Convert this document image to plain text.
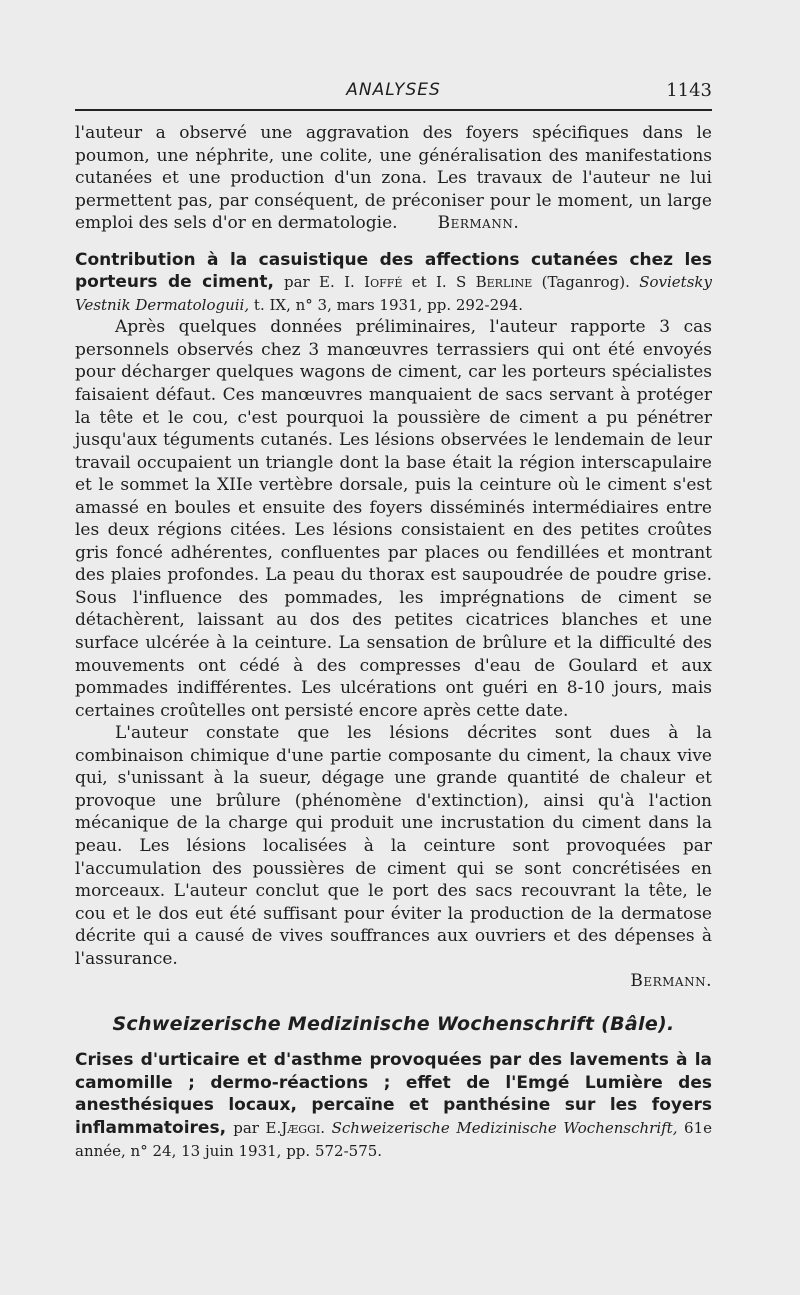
ANALYSES	1143

l'auteur a observé une aggravation des foyers spécifiques dans le poumon, une néphrite, une colite, une généralisation des manifestations cutanées et une production d'un zona. Les travaux de l'auteur ne lui permettent pas, par conséquent, de préconiser pour le moment, un large emploi des sels d'or en dermatologie. Bermann.

Contribution à la casuistique des affections cutanées chez les porteurs de ciment, par E. I. Ioffé et I. S Berline (Taganrog). Sovietsky Vestnik Dermatologuii, t. IX, n° 3, mars 1931, pp. 292-294.

Après quelques données préliminaires, l'auteur rapporte 3 cas personnels observés chez 3 manœuvres terrassiers qui ont été envoyés pour décharger quelques wagons de ciment, car les porteurs spécialistes faisaient défaut. Ces manœuvres manquaient de sacs servant à protéger la tête et le cou, c'est pourquoi la poussière de ciment a pu pénétrer jusqu'aux téguments cutanés. Les lésions observées le lendemain de leur travail occupaient un triangle dont la base était la région interscapulaire et le sommet la XIIe vertèbre dorsale, puis la ceinture où le ciment s'est amassé en boules et ensuite des foyers disséminés intermédiaires entre les deux régions citées. Les lésions consistaient en des petites croûtes gris foncé adhérentes, confluentes par places ou fendillées et montrant des plaies profondes. La peau du thorax est saupoudrée de poudre grise. Sous l'influence des pommades, les imprégnations de ciment se détachèrent, laissant au dos des petites cicatrices blanches et une surface ulcérée à la ceinture. La sensation de brûlure et la difficulté des mouvements ont cédé à des compresses d'eau de Goulard et aux pommades indifférentes. Les ulcérations ont guéri en 8-10 jours, mais certaines croûtelles ont persisté encore après cette date.

L'auteur constate que les lésions décrites sont dues à la combinaison chimique d'une partie composante du ciment, la chaux vive qui, s'unissant à la sueur, dégage une grande quantité de chaleur et provoque une brûlure (phénomène d'extinction), ainsi qu'à l'action mécanique de la charge qui produit une incrustation du ciment dans la peau. Les lésions localisées à la ceinture sont provoquées par l'accumulation des poussières de ciment qui se sont concrétisées en morceaux. L'auteur conclut que le port des sacs recouvrant la tête, le cou et le dos eut été suffisant pour éviter la production de la dermatose décrite qui a causé de vives souffrances aux ouvriers et des dépenses à l'assurance.

Bermann.

Schweizerische Medizinische Wochenschrift (Bâle).

Crises d'urticaire et d'asthme provoquées par des lavements à la camomille ; dermo-réactions ; effet de l'Emgé Lumière des anesthésiques locaux, percaïne et panthésine sur les foyers inflammatoires, par E.Jæggi. Schweizerische Medizinische Wochenschrift, 61e année, n° 24, 13 juin 1931, pp. 572-575.
